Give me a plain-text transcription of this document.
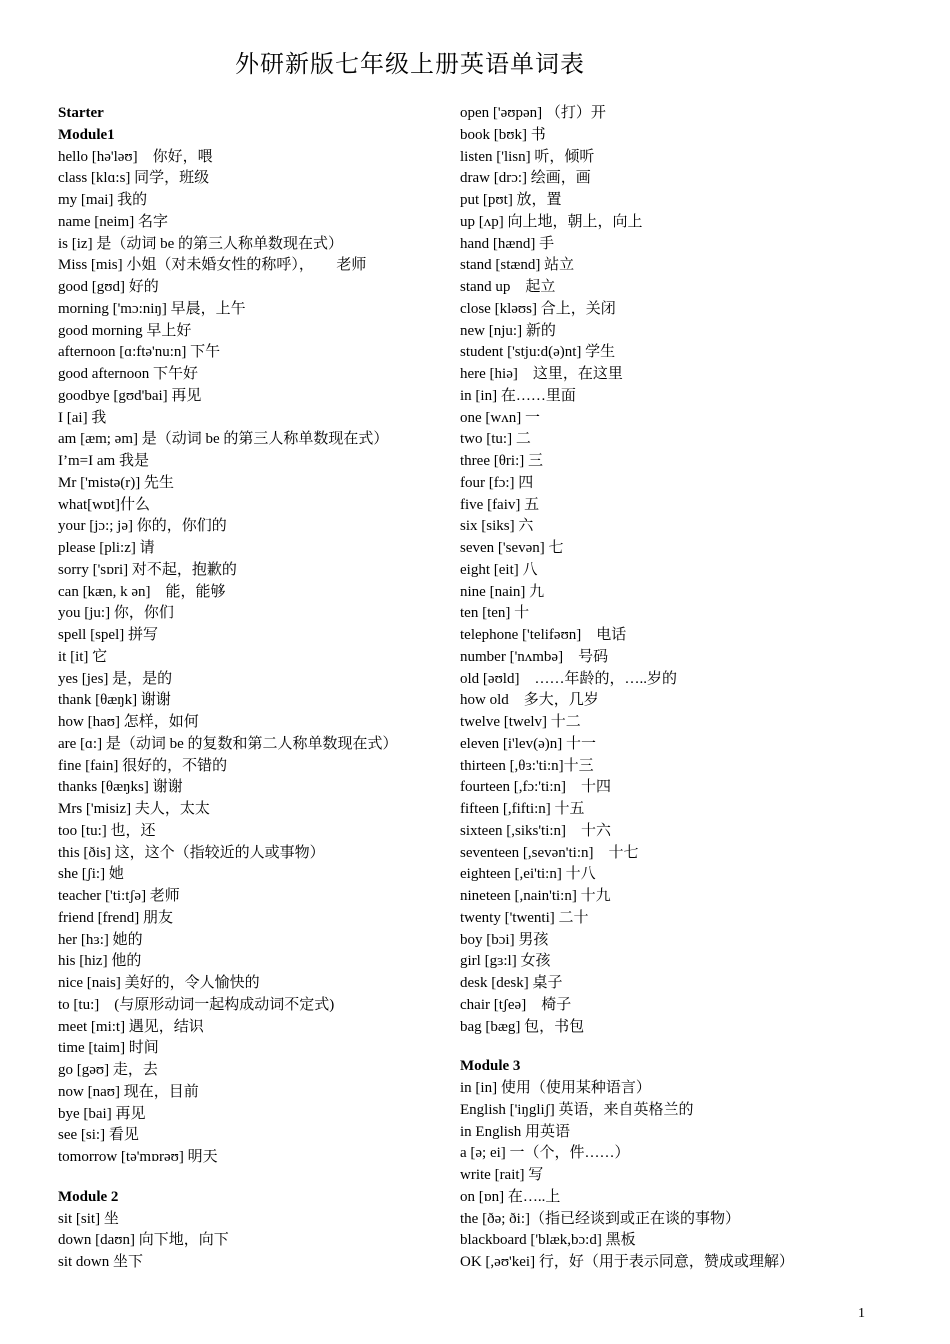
外研新版七年级上册英语单词表
Starter
Module1
hello [hə'ləʊ]　你好，喂
class [klɑ:s] 同学，班级
my [mai] 我的
name [neim] 名字
is [iz] 是（动词 be 的第三人称单数现在式）
Miss [mis] 小姐（对未婚女性的称呼），　　老师
good [gʊd] 好的
morning ['mɔ:niŋ] 早晨，上午
good morning 早上好
afternoon [ɑ:ftə'nu:n] 下午
good afternoon 下午好
goodbye [gʊd'bai] 再见
I [ai] 我
am [æm; əm] 是（动词 be 的第三人称单数现在式）
I’m=I am 我是
Mr ['mistə(r)] 先生
what[wɒt]什么
your [jɔ:; jə] 你的，你们的
please [pli:z] 请
sorry ['sɒri] 对不起，抱歉的
can [kæn, k ən]　能，能够
you [ju:] 你，你们
spell [spel] 拼写
it [it] 它
yes [jes] 是，是的
thank [θæŋk] 谢谢
how [haʊ] 怎样，如何
are [ɑ:] 是（动词 be 的复数和第二人称单数现在式）
fine [fain] 很好的，不错的
thanks [θæŋks] 谢谢
Mrs ['misiz] 夫人，太太
too [tu:] 也，还
this [ðis] 这，这个（指较近的人或事物）
she [ʃi:] 她
teacher ['ti:tʃə] 老师
friend [frend] 朋友
her [hɜ:] 她的
his [hiz] 他的
nice [nais] 美好的，令人愉快的
to [tu:]　(与原形动词一起构成动词不定式)
meet [mi:t] 遇见，结识
time [taim] 时间
go [gəʊ] 走，去
now [naʊ] 现在，目前
bye [bai] 再见
see [si:] 看见
tomorrow [tə'mɒrəʊ] 明天
Module 2
sit [sit] 坐
down [daʊn] 向下地，向下
sit down 坐下
open ['əʊpən] （打）开
book [bʊk] 书
listen ['lisn] 听，倾听
draw [drɔ:] 绘画，画
put [pʊt] 放，置
up [ʌp] 向上地，朝上，向上
hand [hænd] 手
stand [stænd] 站立
stand up　起立
close [kləʊs] 合上，关闭
new [nju:] 新的
student ['stju:d(ə)nt] 学生
here [hiə]　这里，在这里
in [in] 在……里面
one [wʌn] 一
two [tu:] 二
three [θri:] 三
four [fɔ:] 四
five [faiv] 五
six [siks] 六
seven ['sevən] 七
eight [eit] 八
nine [nain] 九
ten [ten] 十
telephone ['telifəʊn]　电话
number ['nʌmbə]　号码
old [əʊld]　……年龄的，…..岁的
how old　多大，几岁
twelve [twelv] 十二
eleven [i'lev(ə)n] 十一
thirteen [,θɜ:'ti:n]十三
fourteen [,fɔ:'ti:n]　十四
fifteen [,fifti:n] 十五
sixteen [,siks'ti:n]　十六
seventeen [,sevən'ti:n]　十七
eighteen [,ei'ti:n] 十八
nineteen [,nain'ti:n] 十九
twenty ['twenti] 二十
boy [bɔi] 男孩
girl [gɜ:l] 女孩
desk [desk] 桌子
chair [tʃeə]　椅子
bag [bæg] 包，书包
Module 3
in [in] 使用（使用某种语言）
English ['iŋgliʃ] 英语，来自英格兰的
in English 用英语
a [ə; ei] 一（个，件……）
write [rait] 写
on [ɒn] 在…..上
the [ðə; ði:]（指已经谈到或正在谈的事物）
blackboard ['blæk,bɔ:d] 黑板
OK [,əʊ'kei] 行，好（用于表示同意，赞成或理解）
1
